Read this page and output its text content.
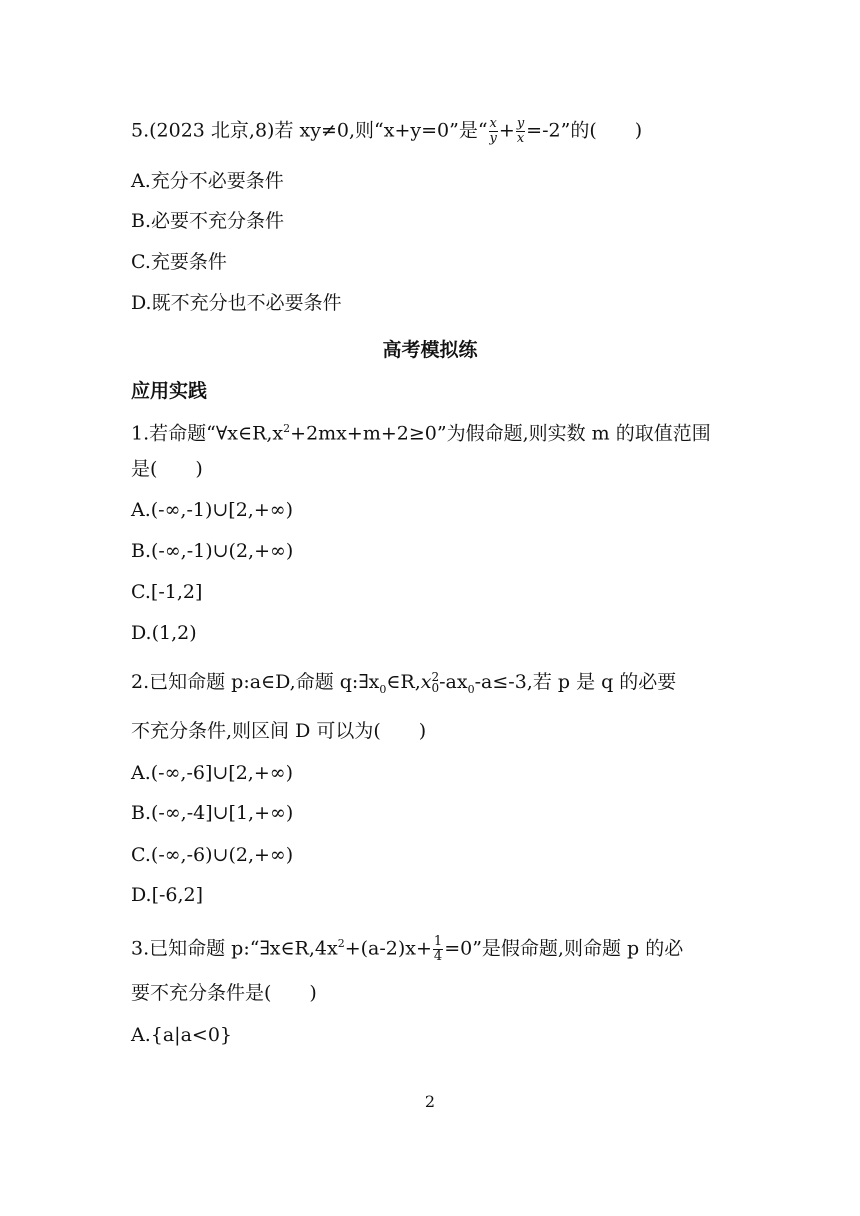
5.(2023 北京,8)若 xy≠0,则“x+y=0”是“ $\frac{x}{y} + \frac{y}{x} =-2$”的(　　)
A.充分不必要条件
B.必要不充分条件
C.充要条件
D.既不充分也不必要条件
高考模拟练
应用实践
1.若命题“$\forall x\in R,x^2+2mx+m+2\ge 0$”为假命题,则实数 m 的取值范围
是(　　)
A.(-∞,-1)∪[2,+∞)
B.(-∞,-1)∪(2,+∞)
C.[-1,2]
D.(1,2)
2.已知命题 p:a∈D,命题 $q:\exists x_0\in R,x$ 2
0 $-ax_0-a\le-3$,若 p 是 q 的必要
不充分条件,则区间 D 可以为(　　)
A.(-∞,-6]∪[2,+∞)
B.(-∞,-4]∪[1,+∞)
C.(-∞,-6)∪(2,+∞)
D.[-6,2]
3.已知命题 $p:“\exists x\in R,4x^2+(a-2)x+ \frac{1}{4} =0$”是假命题,则命题 p 的必
要不充分条件是(　　)
A.{a|a<0}
2
